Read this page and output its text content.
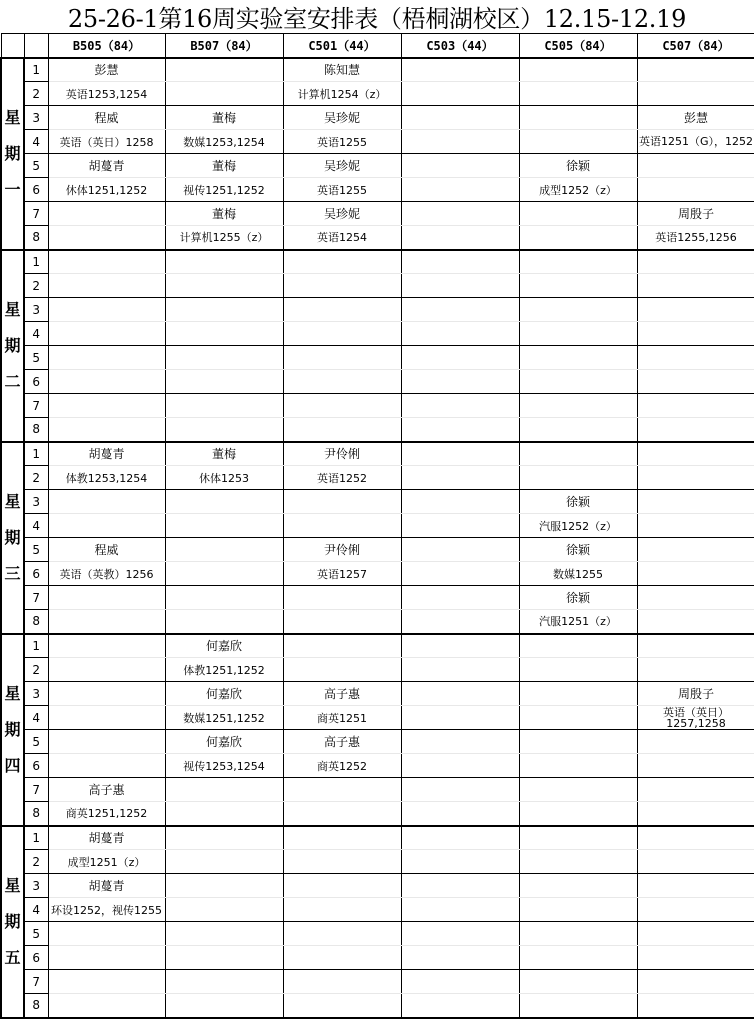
25-26-1第16周实验室安排表（梧桐湖校区）12.15-12.19
		B505（84）	B507（84）	C501（44）	C503（44）	C505（84）	C507（84）

星
期
一	1	彭慧		陈知慧			
	2	英语1253,1254		计算机1254（z）			
	3	程威	董梅	吴珍妮			彭慧
	4	英语（英日）1258	数媒1253,1254	英语1255			英语1251（G），1252

	5	胡蔓青	董梅	吴珍妮		徐颖	
	6	休体1251,1252	视传1251,1252	英语1255		成型1252（z）	
	7		董梅	吴珍妮			周殷子
	8		计算机1255（z）	英语1254			英语1255,1256

星
期
二	1						
	2						
	3						
	4						
	5						
	6						
	7						
	8						

星
期
三	1	胡蔓青	董梅	尹伶俐			
	2	体教1253,1254	休体1253	英语1252			
	3					徐颖	
	4					汽服1252（z）	
	5	程威		尹伶俐		徐颖	
	6	英语（英教）1256		英语1257		数媒1255	
	7					徐颖	
	8					汽服1251（z）	

星
期
四	1		何嘉欣				
	2		体教1251,1252				
	3		何嘉欣	高子惠			周殷子
	4		数媒1251,1252	商英1251			英语（英日）1257,1258

	5		何嘉欣	高子惠			
	6		视传1253,1254	商英1252			
	7	高子惠					
	8	商英1251,1252					

星
期
五	1	胡蔓青					
	2	成型1251（z）					
	3	胡蔓青					
	4	环设1252，视传1255					
	5						
	6						
	7						
	8						
